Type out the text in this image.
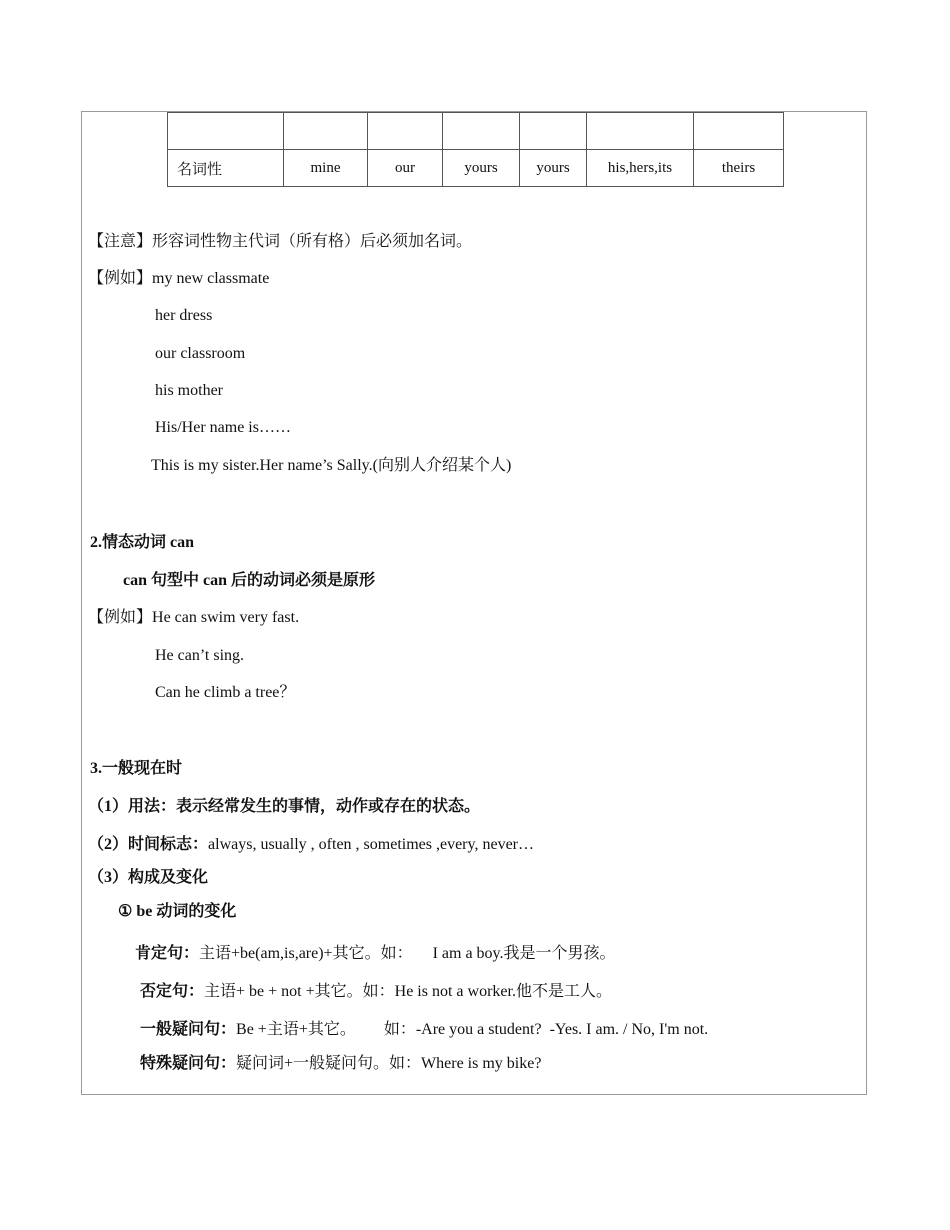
名词性	mine	our	yours	yours	his,hers,its	theirs
【注意】形容词性物主代词（所有格）后必须加名词。
【例如】my new classmate
her dress
our classroom
his mother
His/Her name is……
This is my sister.Her name’s Sally.(向别人介绍某个人)
2.情态动词 can
can 句型中 can 后的动词必须是原形
【例如】He can swim very fast.
He can’t sing.
Can he climb a tree？
3.一般现在时
（1）用法：表示经常发生的事情，动作或存在的状态。
（2）时间标志：always, usually , often , sometimes ,every, never…
（3）构成及变化
① be 动词的变化
肯定句：主语+be(am,is,are)+其它。如：     I am a boy.我是一个男孩。
否定句：主语+ be + not +其它。如：He is not a worker.他不是工人。
一般疑问句：Be +主语+其它。       如：-Are you a student?  -Yes. I am. / No, I'm not.
特殊疑问句：疑问词+一般疑问句。如：Where is my bike?
